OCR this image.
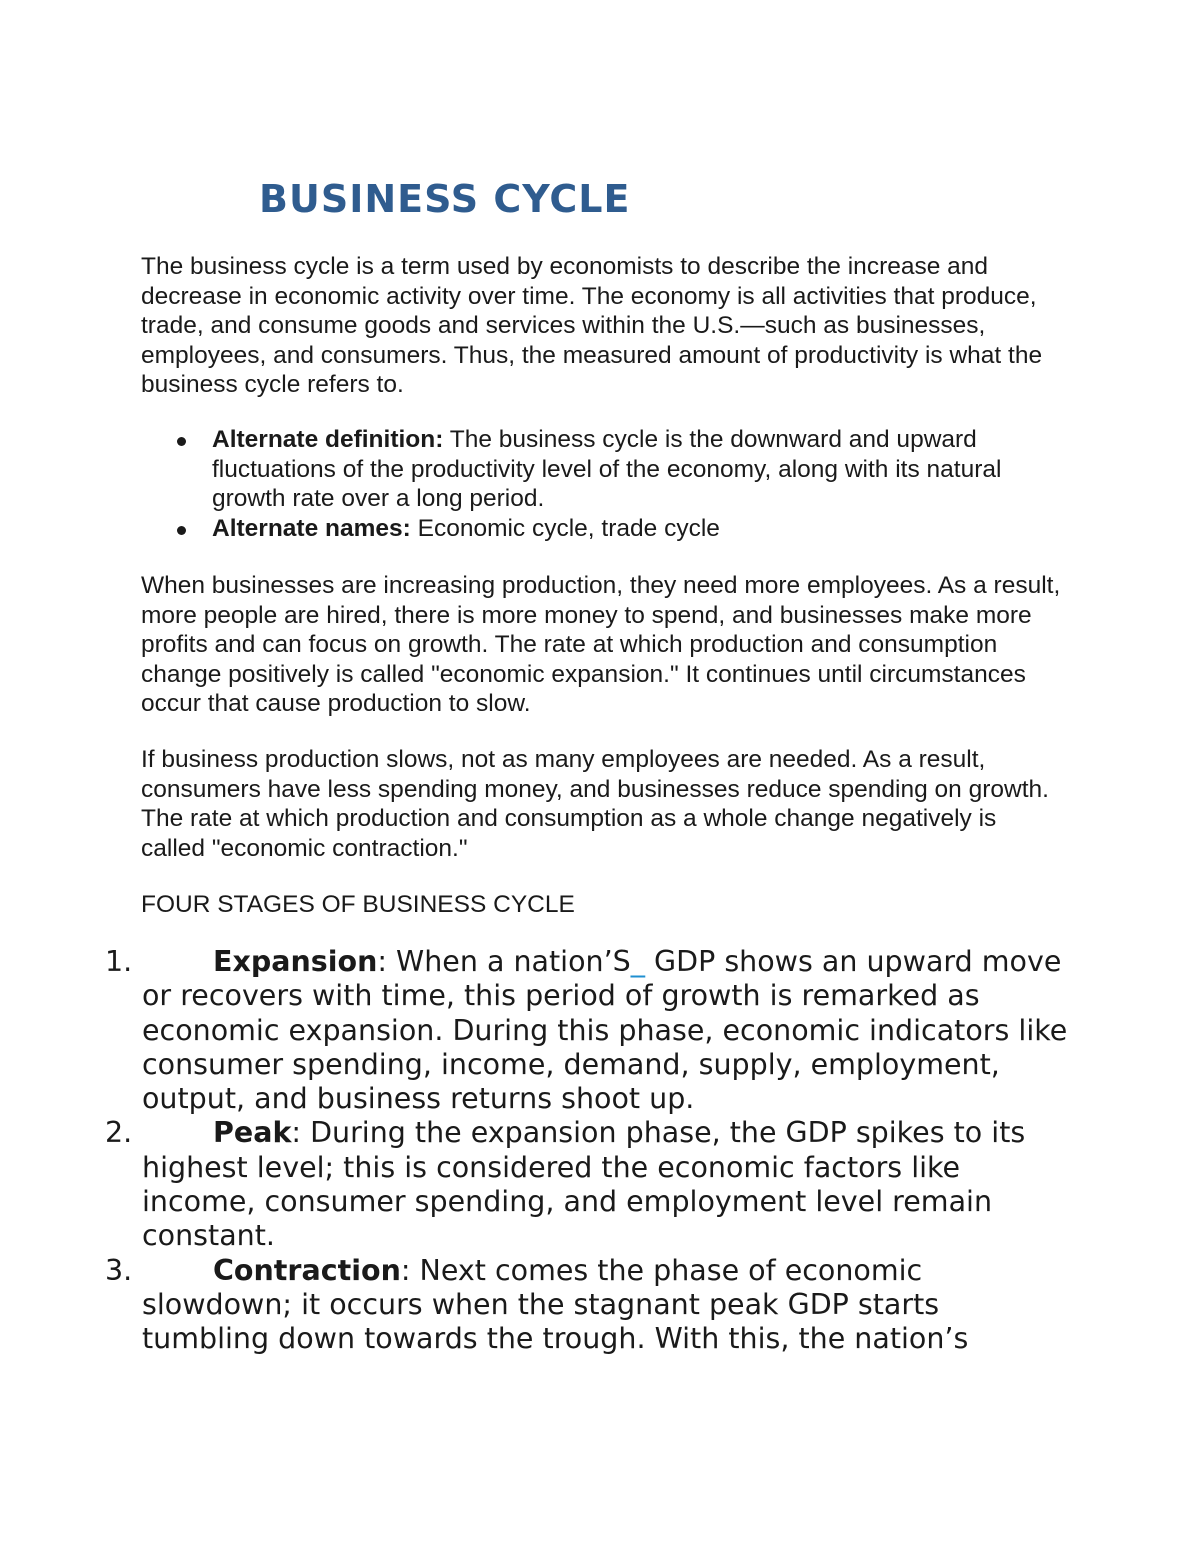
BUSINESS CYCLE

The business cycle is a term used by economists to describe the increase and decrease in economic activity over time. The economy is all activities that produce, trade, and consume goods and services within the U.S.—such as businesses, employees, and consumers. Thus, the measured amount of productivity is what the business cycle refers to.

Alternate definition: The business cycle is the downward and upward fluctuations of the productivity level of the economy, along with its natural growth rate over a long period.
Alternate names: Economic cycle, trade cycle

When businesses are increasing production, they need more employees. As a result, more people are hired, there is more money to spend, and businesses make more profits and can focus on growth. The rate at which production and consumption change positively is called "economic expansion." It continues until circumstances occur that cause production to slow.

If business production slows, not as many employees are needed. As a result, consumers have less spending money, and businesses reduce spending on growth. The rate at which production and consumption as a whole change negatively is called "economic contraction."

FOUR STAGES OF BUSINESS CYCLE

1.	Expansion: When a nation’S_ GDP shows an upward move or recovers with time, this period of growth is remarked as economic expansion. During this phase, economic indicators like consumer spending, income, demand, supply, employment, output, and business returns shoot up.
2.	Peak: During the expansion phase, the GDP spikes to its highest level; this is considered the economic factors like income, consumer spending, and employment level remain constant.
3.	Contraction: Next comes the phase of economic slowdown; it occurs when the stagnant peak GDP starts tumbling down towards the trough. With this, the nation’s
